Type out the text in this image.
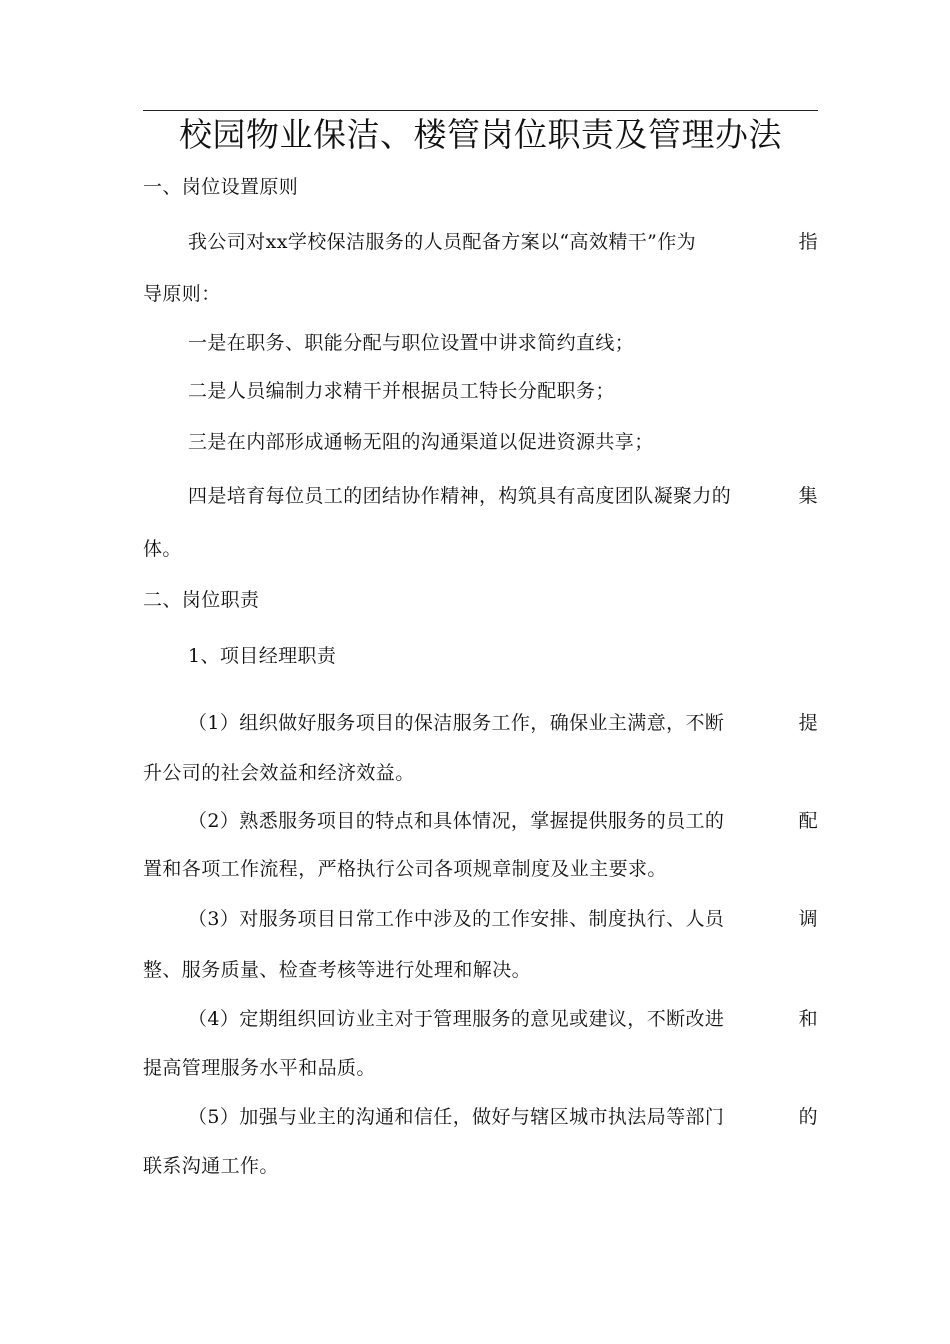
校园物业保洁、楼管岗位职责及管理办法
一、岗位设置原则
我公司对xx学校保洁服务的人员配备方案以“高效精干”作为	指
导原则：
一是在职务、职能分配与职位设置中讲求简约直线；
二是人员编制力求精干并根据员工特长分配职务；
三是在内部形成通畅无阻的沟通渠道以促进资源共享；
四是培育每位员工的团结协作精神，构筑具有高度团队凝聚力的	集
体。
二、岗位职责
1、项目经理职责
（1）组织做好服务项目的保洁服务工作，确保业主满意，不断	提
升公司的社会效益和经济效益。
（2）熟悉服务项目的特点和具体情况，掌握提供服务的员工的	配
置和各项工作流程，严格执行公司各项规章制度及业主要求。
（3）对服务项目日常工作中涉及的工作安排、制度执行、人员	调
整、服务质量、检查考核等进行处理和解决。
（4）定期组织回访业主对于管理服务的意见或建议，不断改进	和
提高管理服务水平和品质。
（5）加强与业主的沟通和信任，做好与辖区城市执法局等部门	的
联系沟通工作。
